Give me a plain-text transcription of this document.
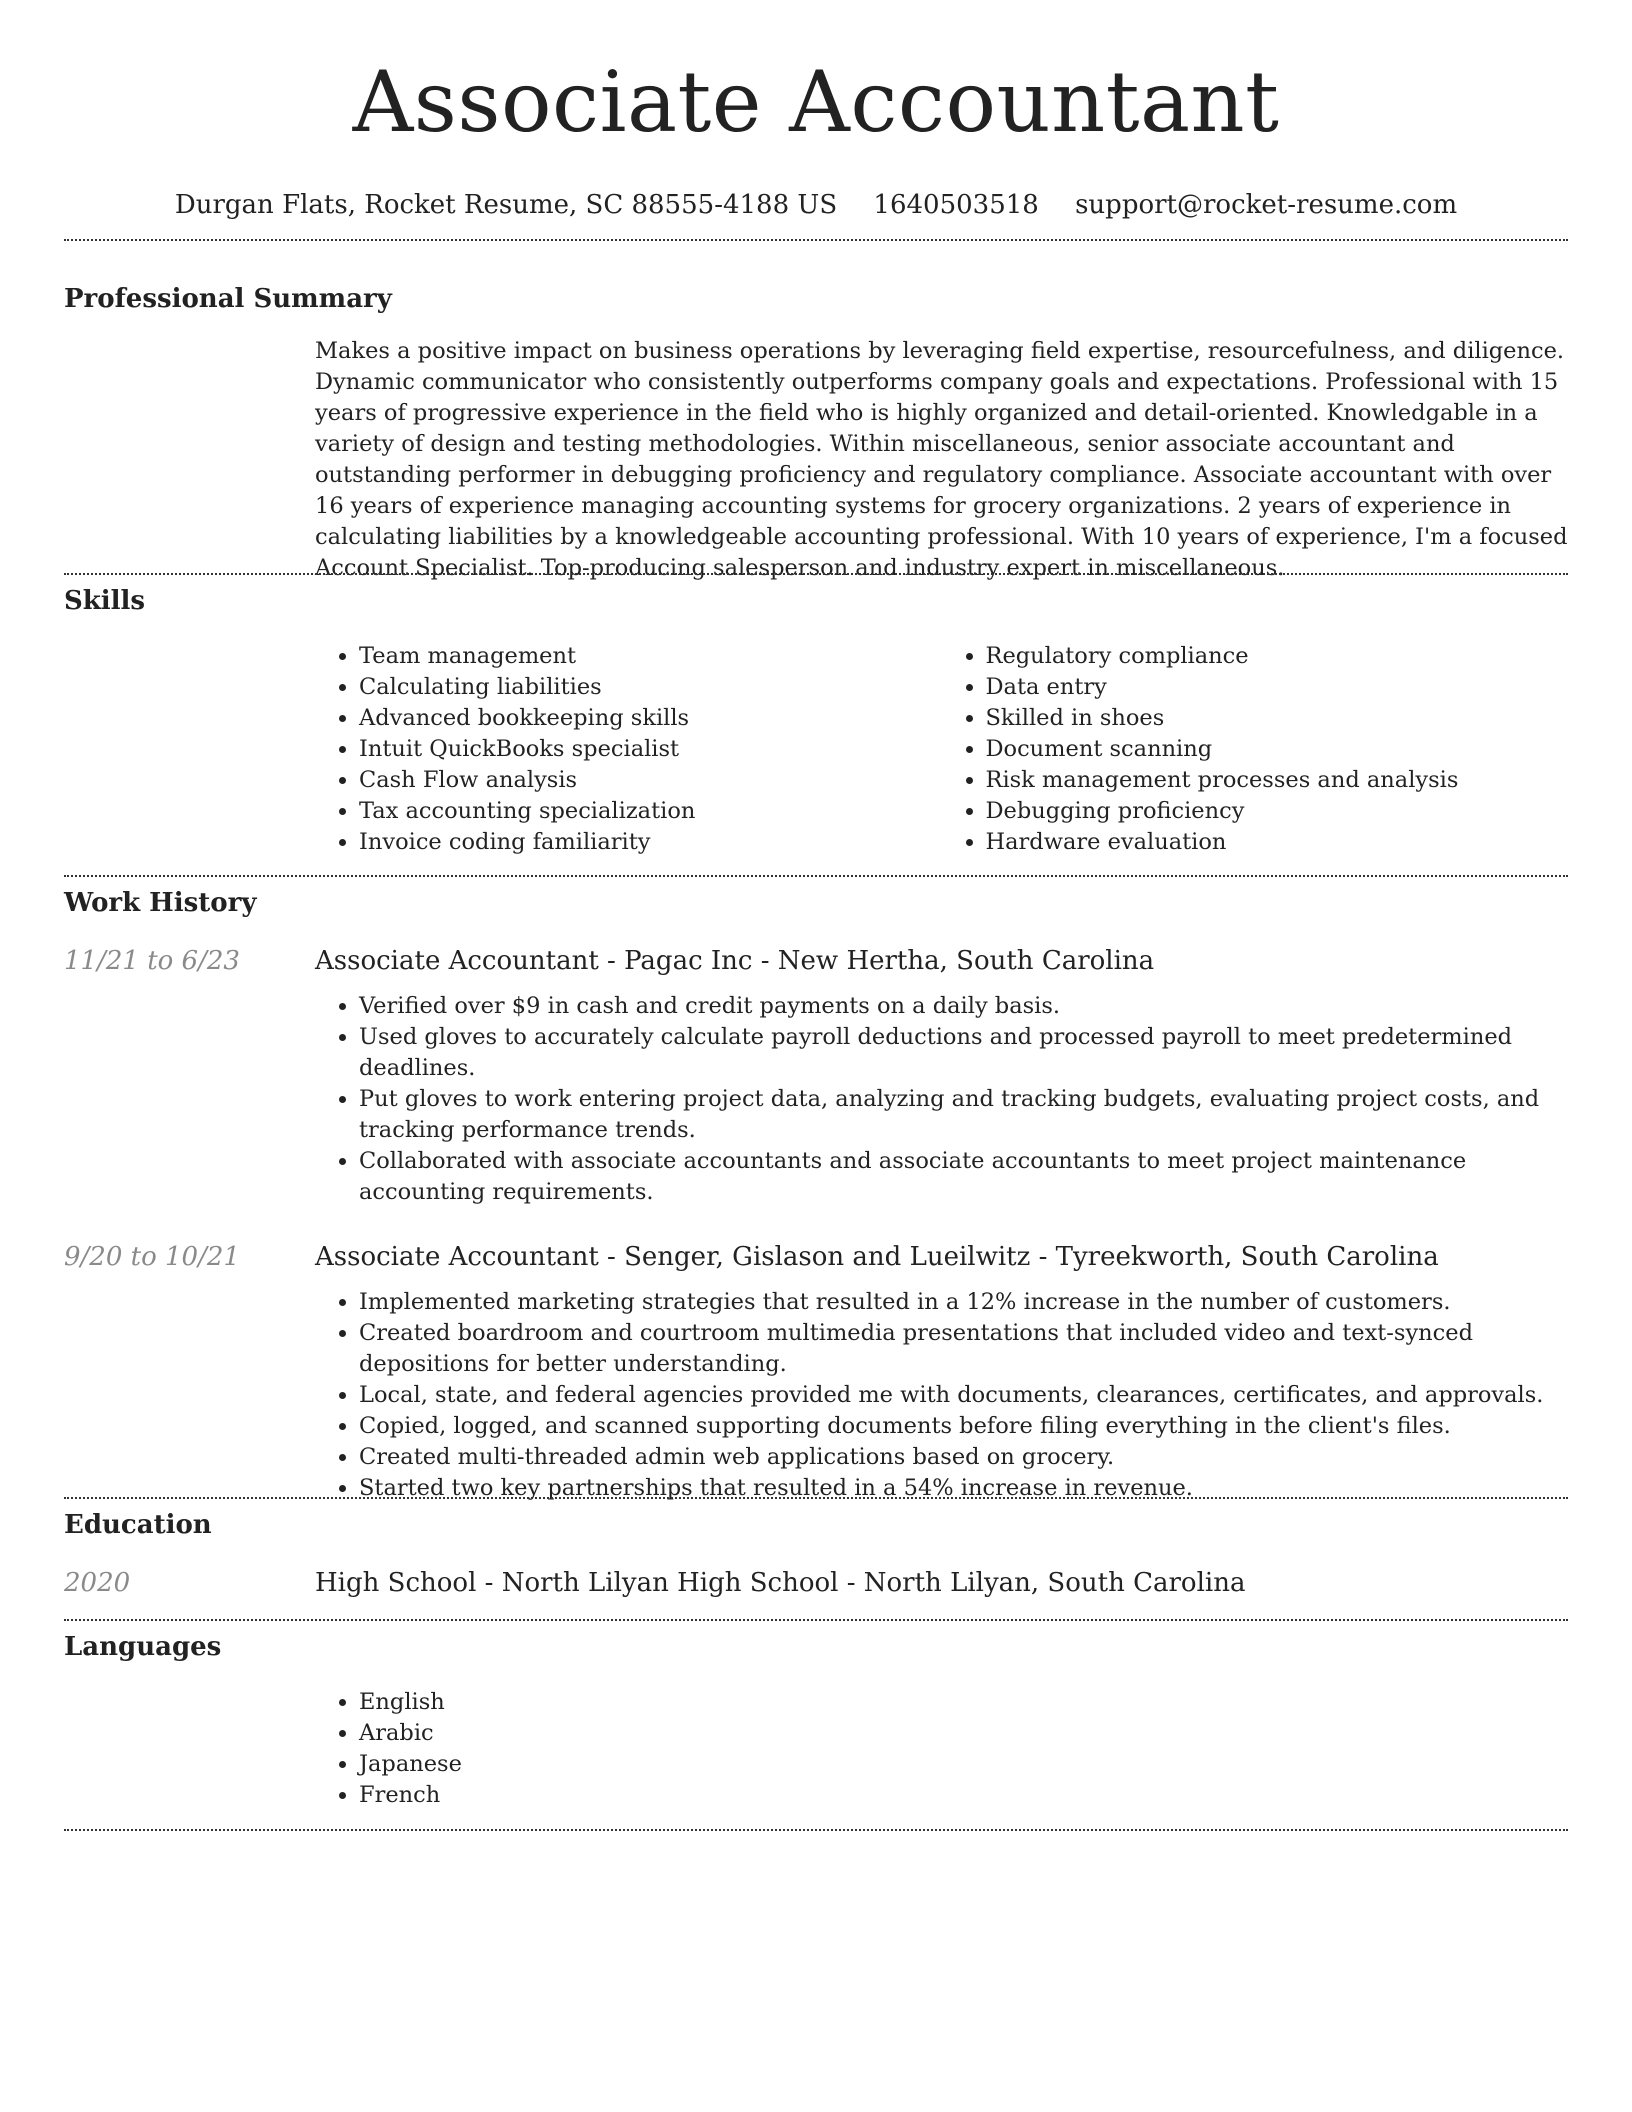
Associate Accountant
Durgan Flats, Rocket Resume, SC 88555-4188 US 1640503518 support@rocket-resume.com
Professional Summary
Makes a positive impact on business operations by leveraging field expertise, resourcefulness, and diligence. Dynamic communicator who consistently outperforms company goals and expectations. Professional with 15 years of progressive experience in the field who is highly organized and detail-oriented. Knowledgable in a variety of design and testing methodologies. Within miscellaneous, senior associate accountant and outstanding performer in debugging proficiency and regulatory compliance. Associate accountant with over 16 years of experience managing accounting systems for grocery organizations. 2 years of experience in calculating liabilities by a knowledgeable accounting professional. With 10 years of experience, I'm a focused Account Specialist. Top-producing salesperson and industry expert in miscellaneous.
Skills
• Team management
• Calculating liabilities
• Advanced bookkeeping skills
• Intuit QuickBooks specialist
• Cash Flow analysis
• Tax accounting specialization
• Invoice coding familiarity
• Regulatory compliance
• Data entry
• Skilled in shoes
• Document scanning
• Risk management processes and analysis
• Debugging proficiency
• Hardware evaluation
Work History
11/21 to 6/23	Associate Accountant - Pagac Inc - New Hertha, South Carolina
• Verified over $9 in cash and credit payments on a daily basis.
• Used gloves to accurately calculate payroll deductions and processed payroll to meet predetermined deadlines.
• Put gloves to work entering project data, analyzing and tracking budgets, evaluating project costs, and tracking performance trends.
• Collaborated with associate accountants and associate accountants to meet project maintenance accounting requirements.
9/20 to 10/21	Associate Accountant - Senger, Gislason and Lueilwitz - Tyreekworth, South Carolina
• Implemented marketing strategies that resulted in a 12% increase in the number of customers.
• Created boardroom and courtroom multimedia presentations that included video and text-synced depositions for better understanding.
• Local, state, and federal agencies provided me with documents, clearances, certificates, and approvals.
• Copied, logged, and scanned supporting documents before filing everything in the client's files.
• Created multi-threaded admin web applications based on grocery.
• Started two key partnerships that resulted in a 54% increase in revenue.
Education
2020	High School - North Lilyan High School - North Lilyan, South Carolina
Languages
• English
• Arabic
• Japanese
• French
